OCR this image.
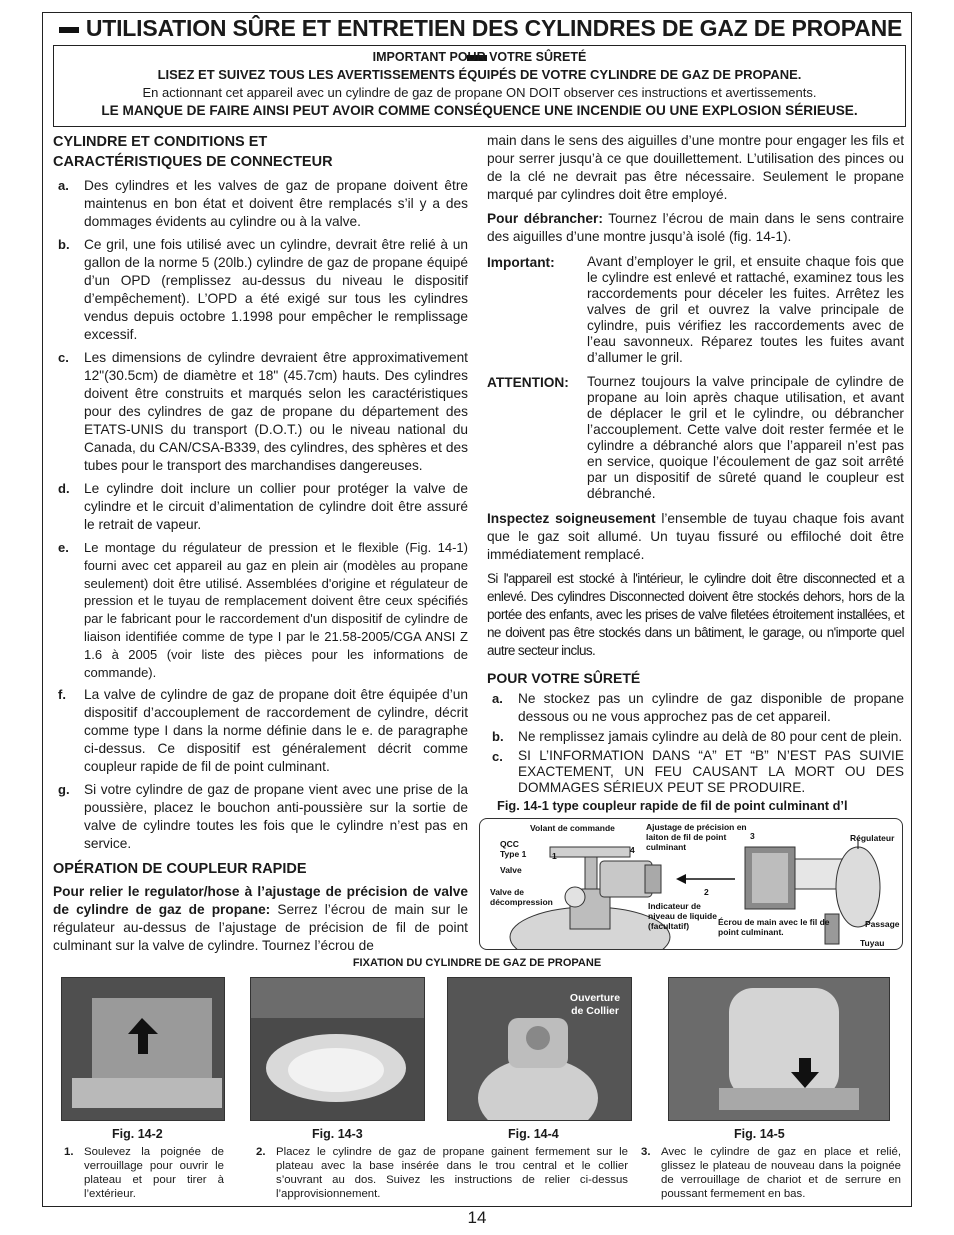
UTILISATION SÛRE ET ENTRETIEN DES CYLINDRES DE GAZ DE PROPANE
IMPORTANT POUR VOTRE SÛRETÉ
LISEZ ET SUIVEZ TOUS LES AVERTISSEMENTS ÉQUIPÉS DE VOTRE CYLINDRE DE GAZ DE PROPANE.
En actionnant cet appareil avec un cylindre de gaz de propane ON DOIT observer ces instructions et avertissements.
LE MANQUE DE FAIRE AINSI PEUT AVOIR COMME CONSÉQUENCE UNE INCENDIE OU UNE EXPLOSION SÉRIEUSE.
CYLINDRE ET CONDITIONS ET
CARACTÉRISTIQUES DE CONNECTEUR
a.	Des cylindres et les valves de gaz de propane doivent être maintenus en bon état et doivent être remplacés s’il y a des dommages évidents au cylindre ou à la valve.
b.	Ce gril, une fois utilisé avec un cylindre, devrait être relié à un gallon de la norme 5 (20lb.) cylindre de gaz de propane équipé d’un OPD (remplissez au-dessus du niveau le dispositif d’empêchement). L’OPD a été exigé sur tous les cylindres vendus depuis octobre 1.1998 pour empêcher le remplissage excessif.
c.	Les dimensions de cylindre devraient être approximativement 12"(30.5cm) de diamètre et 18" (45.7cm) hauts. Des cylindres doivent être construits et marqués selon les caractéristiques pour des cylindres de gaz de propane du département des ETATS-UNIS du transport (D.O.T.) ou le niveau national du Canada, du CAN/CSA-B339, des cylindres, des sphères et des tubes pour le transport des marchandises dangereuses.
d.	Le cylindre doit inclure un collier pour protéger la valve de cylindre et le circuit d’alimentation de cylindre doit être assuré le retrait de vapeur.
e.	Le montage du régulateur de pression et le flexible (Fig. 14-1) fourni avec cet appareil au gaz en plein air (modèles au propane seulement) doit être utilisé. Assemblées d'origine et régulateur de pression et le tuyau de remplacement doivent être ceux spécifiés par le fabricant pour le raccordement d'un dispositif de cylindre de liaison identifiée comme de type I par le 21.58-2005/CGA ANSI Z 1.6 à 2005 (voir liste des pièces pour les informations de commande).
f.	La valve de cylindre de gaz de propane doit être équipée d’un dispositif d’accouplement de raccordement de cylindre, décrit comme type I dans la norme définie dans le e. de paragraphe ci-dessus. Ce dispositif est généralement décrit comme coupleur rapide de fil de point culminant.
g.	Si votre cylindre de gaz de propane vient avec une prise de la poussière, placez le bouchon anti-poussière sur la sortie de valve de cylindre toutes les fois que le cylindre n’est pas en service.
OPÉRATION DE COUPLEUR RAPIDE

Pour relier le regulator/hose à l’ajustage de précision de valve de cylindre de gaz de propane: Serrez l’écrou de main sur le régulateur au-dessus de l’ajustage de précision de fil de point culminant sur la valve de cylindre. Tournez l’écrou de

main dans le sens des aiguilles d’une montre pour engager les fils et pour serrer jusqu’à ce que douillettement. L’utilisation des pinces ou de la clé ne devrait pas être nécessaire. Seulement le propane marqué par cylindres doit être employé.

Pour débrancher: Tournez l’écrou de main dans le sens contraire des aiguilles d’une montre jusqu’à isolé (fig. 14-1).

Important:	Avant d’employer le gril, et ensuite chaque fois que le cylindre est enlevé et rattaché, examinez tous les raccordements pour déceler les fuites. Arrêtez les valves de gril et ouvrez la valve principale de cylindre, puis vérifiez les raccordements avec de l’eau savonneux. Réparez toutes les fuites avant d’allumer le gril.
ATTENTION:	Tournez toujours la valve principale de cylindre de propane au loin après chaque utilisation, et avant de déplacer le gril et le cylindre, ou débrancher l’accouplement. Cette valve doit rester fermée et le cylindre a débranché alors que l’appareil n’est pas en service, quoique l’écoulement de gaz soit arrêté par un dispositif de sûreté quand le coupleur est débranché.

Inspectez soigneusement l’ensemble de tuyau chaque fois avant que le gaz soit allumé. Un tuyau fissuré ou effiloché doit être immédiatement remplacé.

Si l'appareil est stocké à l'intérieur, le cylindre doit être disconnected et a enlevé. Des cylindres Disconnected doivent être stockés dehors, hors de la portée des enfants, avec les prises de valve filetées étroitement installées, et ne doivent pas être stockés dans un bâtiment, le garage, ou n'importe quel autre secteur inclus.

POUR VOTRE SÛRETÉ
a.	Ne stockez pas un cylindre de gaz disponible de propane dessous ou ne vous approchez pas de cet appareil.
b.	Ne remplissez jamais cylindre au delà de 80 pour cent de plein.
c.	SI L’INFORMATION DANS “A” ET “B” N’EST PAS SUIVIE EXACTEMENT, UN FEU CAUSANT LA MORT OU DES DOMMAGES SÉRIEUX PEUT SE PRODUIRE.
Fig. 14-1 type coupleur rapide de fil de point culminant d’l
Volant de commande	Ajustage de précision en laiton de fil de point culminant
QCC Type 1
Valve
Valve de décompression	Indicateur de niveau de liquide (facultatif)	Écrou de main avec le fil de point culminant.
Régulateur
Passage
Tuyau
1
2
3
4
FIXATION DU CYLINDRE DE GAZ DE PROPANE
Ouverture de Collier
Fig. 14-2	Fig. 14-3	Fig. 14-4	Fig. 14-5
1. Soulevez la poignée de verrouillage pour ouvrir le plateau et pour tirer à l’extérieur.
2. Placez le cylindre de gaz de propane gainent fermement sur le plateau avec la base insérée dans le trou central et le collier s’ouvrant au dos. Suivez les instructions de relier ci-dessus l’approvisionnement.
3. Avec le cylindre de gaz en place et relié, glissez le plateau de nouveau dans la poignée de verrouillage de chariot et de serrure en poussant fermement en bas.
14
